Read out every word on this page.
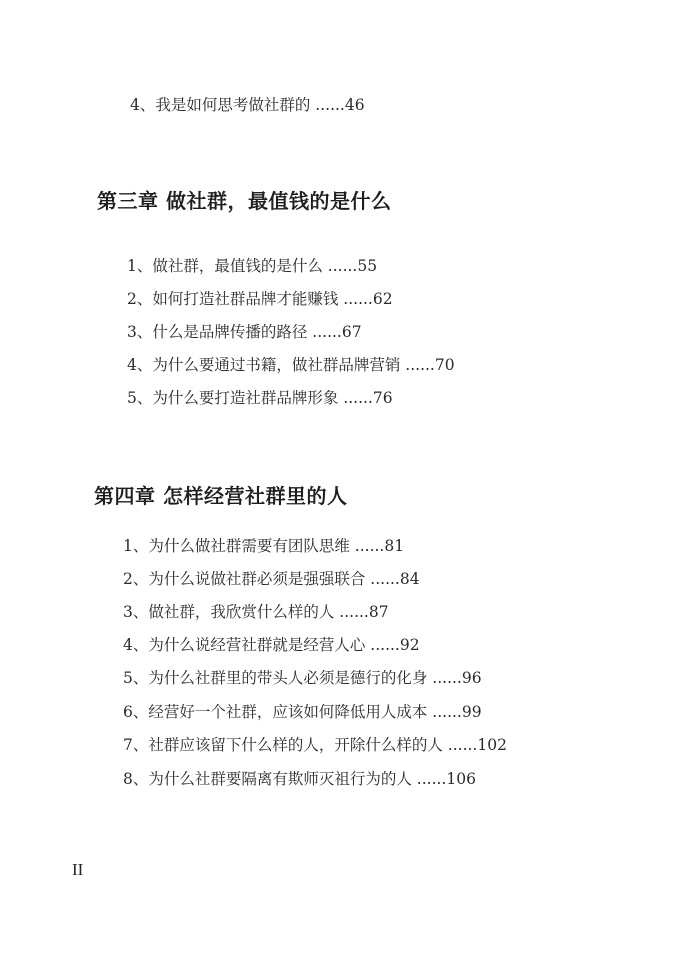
4、我是如何思考做社群的 ......46
第三章 做社群，最值钱的是什么
1、做社群，最值钱的是什么 ......55
2、如何打造社群品牌才能赚钱 ......62
3、什么是品牌传播的路径 ......67
4、为什么要通过书籍，做社群品牌营销 ......70
5、为什么要打造社群品牌形象 ......76
第四章 怎样经营社群里的人
1、为什么做社群需要有团队思维 ......81
2、为什么说做社群必须是强强联合 ......84
3、做社群，我欣赏什么样的人 ......87
4、为什么说经营社群就是经营人心 ......92
5、为什么社群里的带头人必须是德行的化身 ......96
6、经营好一个社群，应该如何降低用人成本 ......99
7、社群应该留下什么样的人，开除什么样的人 ......102
8、为什么社群要隔离有欺师灭祖行为的人 ......106
II
